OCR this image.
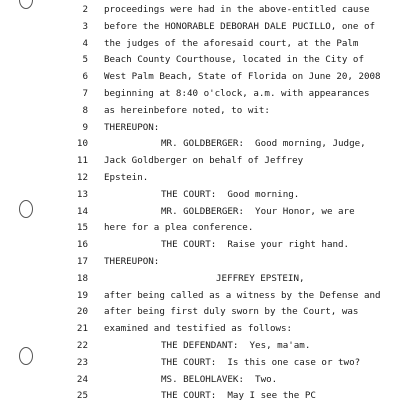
2 proceedings were had in the above-entitled cause
3 before the HONORABLE DEBORAH DALE PUCILLO, one of
4 the judges of the aforesaid court, at the Palm
5 Beach County Courthouse, located in the City of
6 West Palm Beach, State of Florida on June 20, 2008
7 beginning at 8:40 o'clock, a.m. with appearances
8 as hereinbefore noted, to wit:
9 THEREUPON:
10	MR. GOLDBERGER:  Good morning, Judge,
11 Jack Goldberger on behalf of Jeffrey
12 Epstein.
13	THE COURT:  Good morning.
14	MR. GOLDBERGER:  Your Honor, we are
15 here for a plea conference.
16	THE COURT:  Raise your right hand.
17 THEREUPON:
18	JEFFREY EPSTEIN,
19 after being called as a witness by the Defense and
20 after being first duly sworn by the Court, was
21 examined and testified as follows:
22	THE DEFENDANT:  Yes, ma'am.
23	THE COURT:  Is this one case or two?
24	MS. BELOHLAVEK:  Two.
25	THE COURT:  May I see the PC
